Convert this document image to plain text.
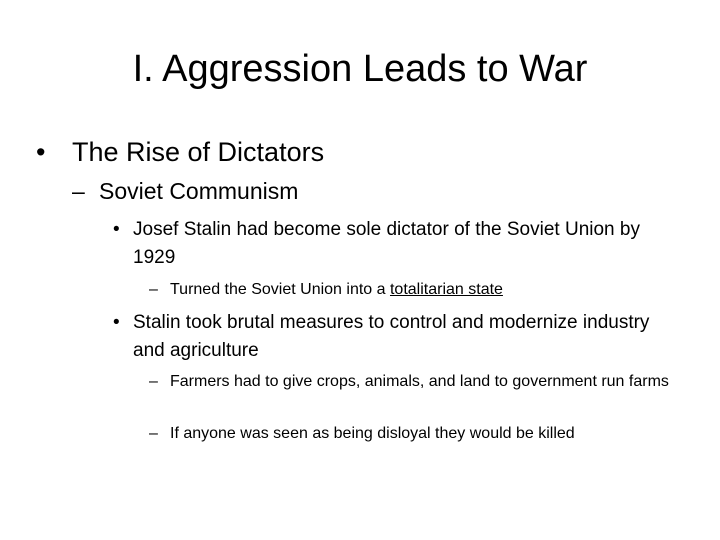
I. Aggression Leads to War
• The Rise of Dictators
– Soviet Communism
• Josef Stalin had become sole dictator of the Soviet Union by 1929
– Turned the Soviet Union into a totalitarian state
• Stalin took brutal measures to control and modernize industry and agriculture
– Farmers had to give crops, animals, and land to government run farms
– If anyone was seen as being disloyal they would be killed
